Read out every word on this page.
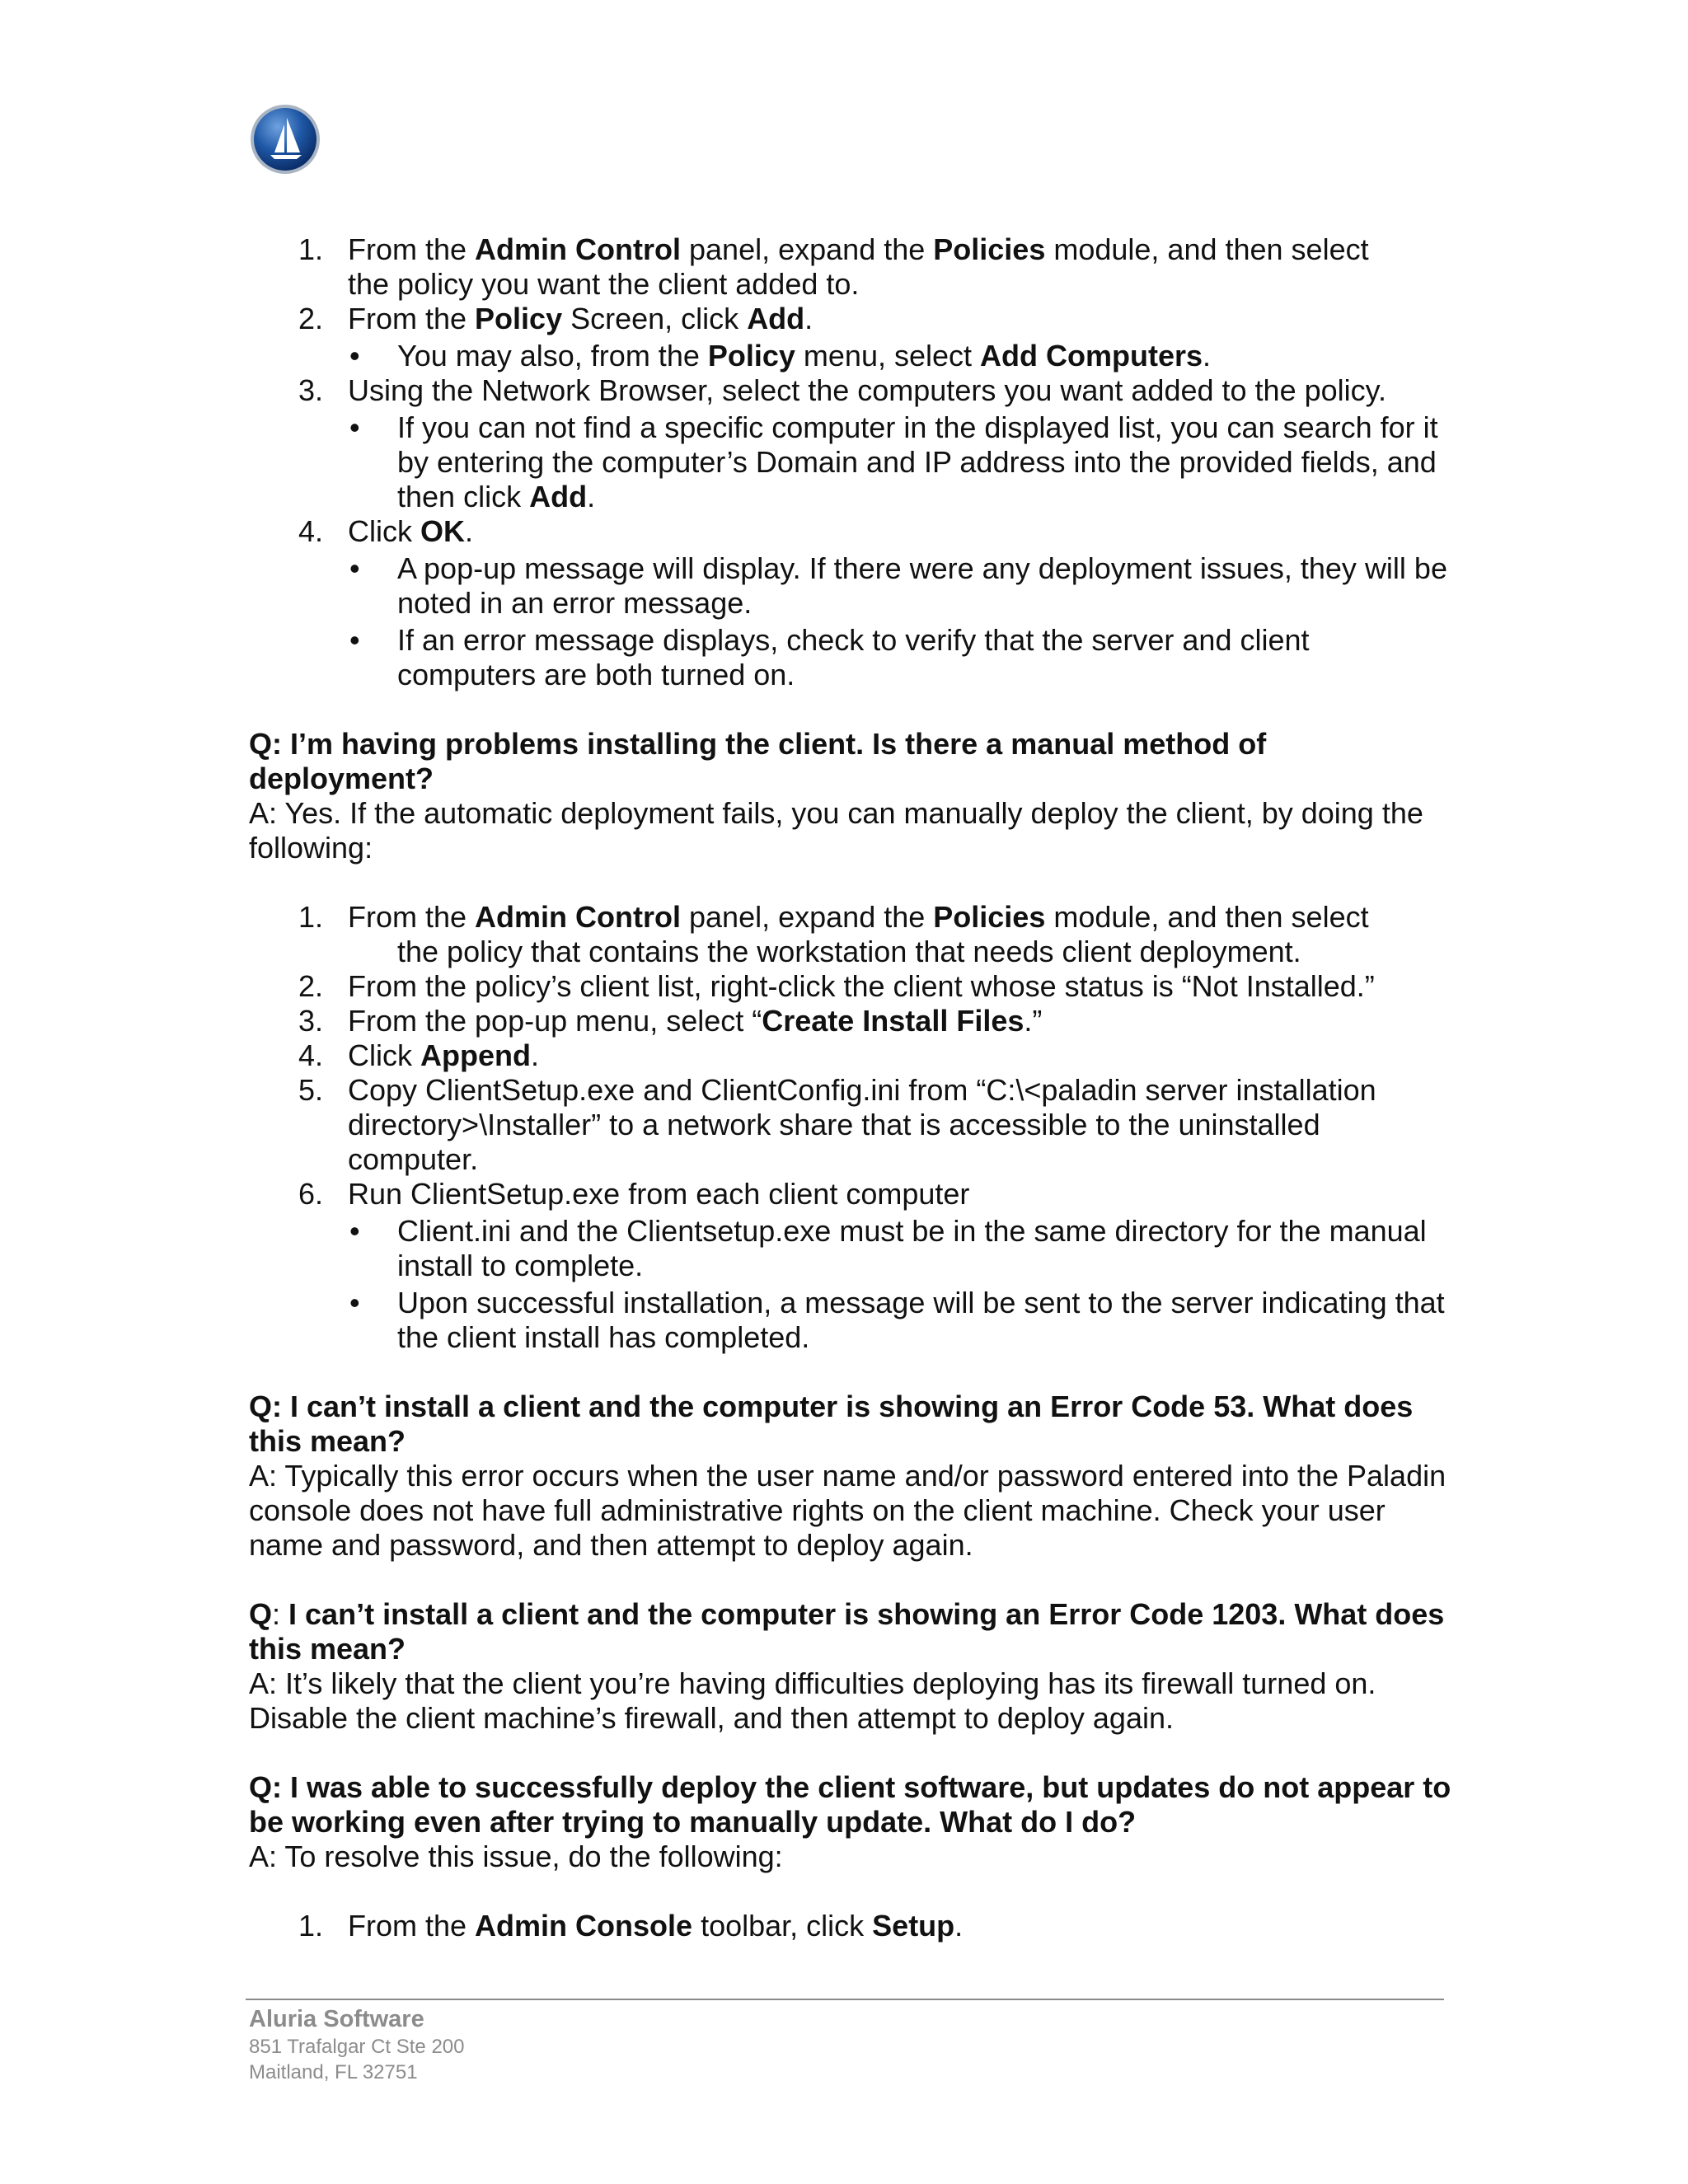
1. From the Admin Control panel, expand the Policies module, and then select
the policy you want the client added to.
2. From the Policy Screen, click Add.
• You may also, from the Policy menu, select Add Computers.
3. Using the Network Browser, select the computers you want added to the policy.
• If you can not find a specific computer in the displayed list, you can search for it by entering the computer’s Domain and IP address into the provided fields, and then click Add.
4. Click OK.
• A pop-up message will display. If there were any deployment issues, they will be noted in an error message.
• If an error message displays, check to verify that the server and client computers are both turned on.
Q: I’m having problems installing the client. Is there a manual method of deployment?
A: Yes. If the automatic deployment fails, you can manually deploy the client, by doing the following:
1. From the Admin Control panel, expand the Policies module, and then select
the policy that contains the workstation that needs client deployment.
2. From the policy’s client list, right-click the client whose status is “Not Installed.”
3. From the pop-up menu, select “Create Install Files.”
4. Click Append.
5. Copy ClientSetup.exe and ClientConfig.ini from “C:\<paladin server installation directory>\Installer” to a network share that is accessible to the uninstalled computer.
6. Run ClientSetup.exe from each client computer
• Client.ini and the Clientsetup.exe must be in the same directory for the manual install to complete.
• Upon successful installation, a message will be sent to the server indicating that the client install has completed.
Q: I can’t install a client and the computer is showing an Error Code 53. What does this mean?
A: Typically this error occurs when the user name and/or password entered into the Paladin console does not have full administrative rights on the client machine. Check your user name and password, and then attempt to deploy again.
Q: I can’t install a client and the computer is showing an Error Code 1203. What does this mean?
A: It’s likely that the client you’re having difficulties deploying has its firewall turned on. Disable the client machine’s firewall, and then attempt to deploy again.
Q: I was able to successfully deploy the client software, but updates do not appear to be working even after trying to manually update. What do I do?
A: To resolve this issue, do the following:
1. From the Admin Console toolbar, click Setup.
Aluria Software
851 Trafalgar Ct Ste 200
Maitland, FL 32751
